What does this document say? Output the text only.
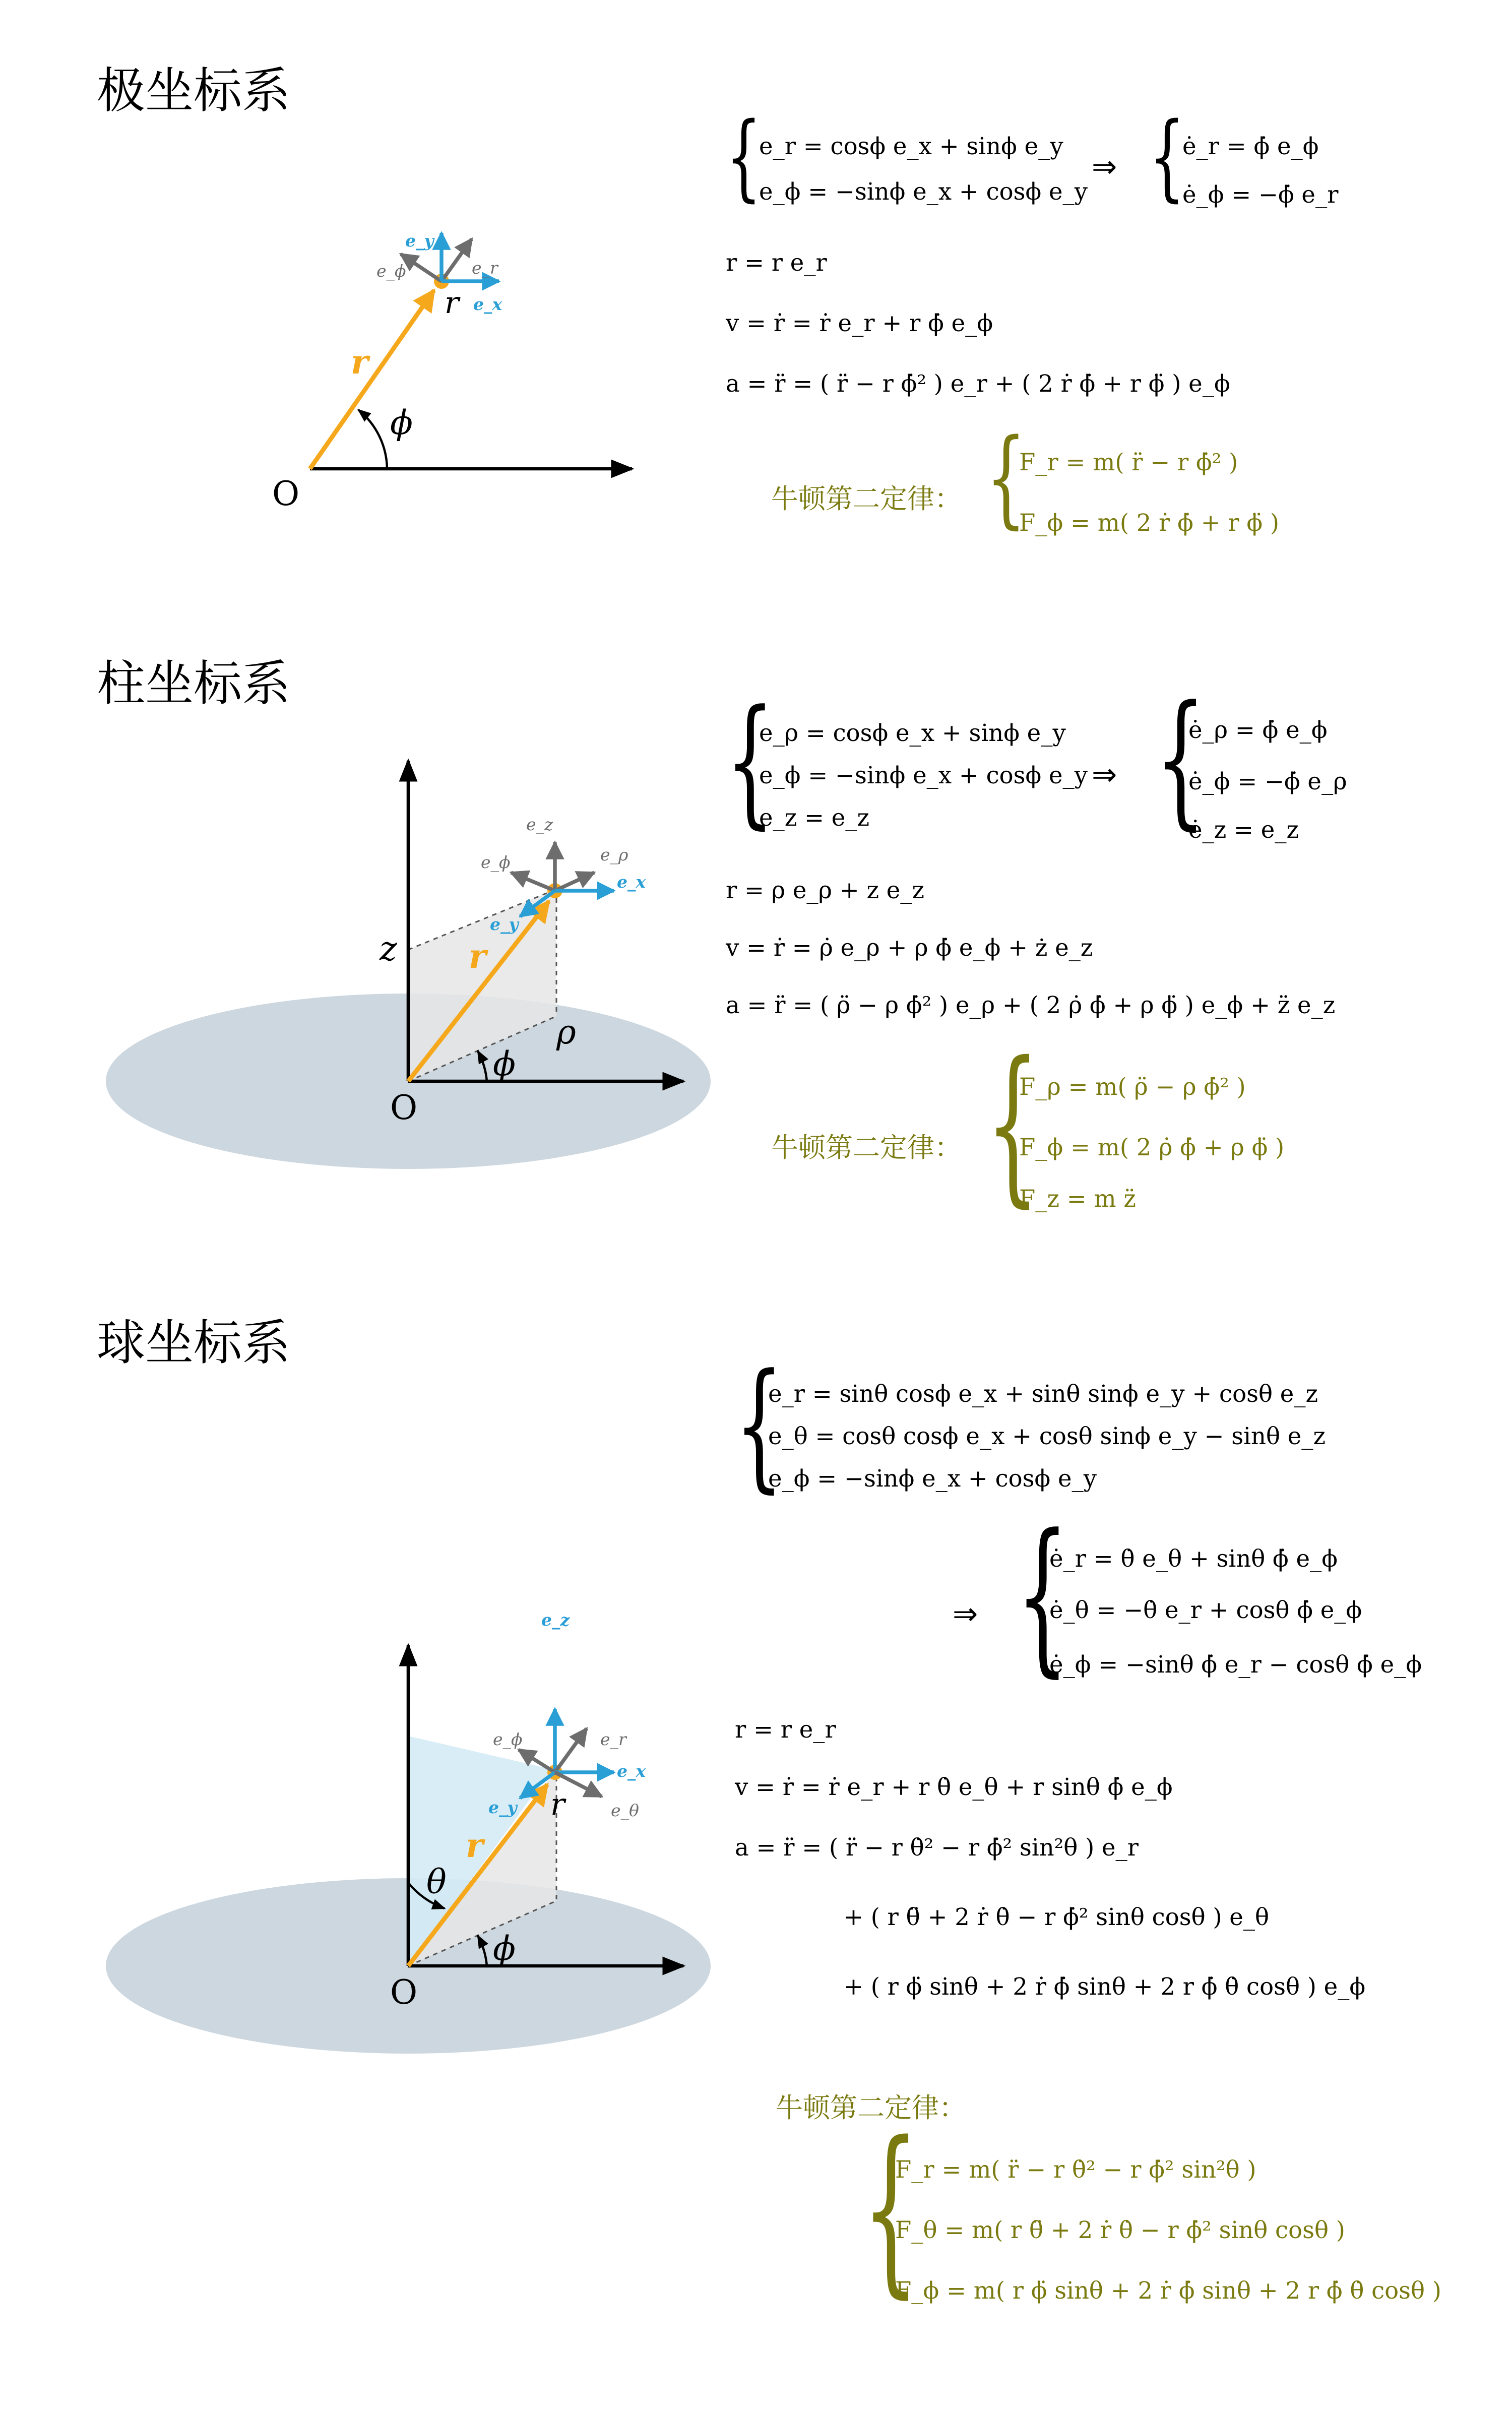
极坐标系
柱坐标系
球坐标系
O
r
ϕ
r
e_y
e_ϕ	e_r
e_x
O
z
ρ
r
ϕ
e_z
e_ϕ	e_ρ
e_x
e_y
O
θ
ϕ
r
r
e_z
e_ϕ	e_r
e_x
e_y	e_θ
{
e_r = cosϕ e_x + sinϕ e_y
e_ϕ = −sinϕ e_x + cosϕ e_y
⇒ {
ė_r = ϕ̇ e_ϕ
ė_ϕ = −ϕ̇ e_r
r = r e_r
v = ṙ = ṙ e_r + r ϕ̇ e_ϕ
a = r̈ = ( r̈ − r ϕ̇² ) e_r + ( 2 ṙ ϕ̇ + r ϕ̈ ) e_ϕ
牛顿第二定律： {
F_r = m( r̈ − r ϕ̇² )
F_ϕ = m( 2 ṙ ϕ̇ + r ϕ̈ )
{
e_ρ = cosϕ e_x + sinϕ e_y
e_ϕ = −sinϕ e_x + cosϕ e_y
e_z = e_z
⇒ {
ė_ρ = ϕ̇ e_ϕ
ė_ϕ = −ϕ̇ e_ρ
ė_z = e_z
r = ρ e_ρ + z e_z
v = ṙ = ρ̇ e_ρ + ρ ϕ̇ e_ϕ + ż e_z
a = r̈ = ( ρ̈ − ρ ϕ̇² ) e_ρ + ( 2 ρ̇ ϕ̇ + ρ ϕ̈ ) e_ϕ + z̈ e_z
牛顿第二定律： {
F_ρ = m( ρ̈ − ρ ϕ̇² )
F_ϕ = m( 2 ρ̇ ϕ̇ + ρ ϕ̈ )
F_z = m z̈
{
e_r = sinθ cosϕ e_x + sinθ sinϕ e_y + cosθ e_z
e_θ = cosθ cosϕ e_x + cosθ sinϕ e_y − sinθ e_z
e_ϕ = −sinϕ e_x + cosϕ e_y
⇒ {
ė_r = θ̇ e_θ + sinθ ϕ̇ e_ϕ
ė_θ = −θ̇ e_r + cosθ ϕ̇ e_ϕ
ė_ϕ = −sinθ ϕ̇ e_r − cosθ ϕ̇ e_ϕ
r = r e_r
v = ṙ = ṙ e_r + r θ̇ e_θ + r sinθ ϕ̇ e_ϕ
a = r̈ = ( r̈ − r θ̇² − r ϕ̇² sin²θ ) e_r
+ ( r θ̈ + 2 ṙ θ̇ − r ϕ̇² sinθ cosθ ) e_θ
+ ( r ϕ̈ sinθ + 2 ṙ ϕ̇ sinθ + 2 r ϕ̇ θ̇ cosθ ) e_ϕ
牛顿第二定律：
{
F_r = m( r̈ − r θ̇² − r ϕ̇² sin²θ )
F_θ = m( r θ̈ + 2 ṙ θ̇ − r ϕ̇² sinθ cosθ )
F_ϕ = m( r ϕ̈ sinθ + 2 ṙ ϕ̇ sinθ + 2 r ϕ̇ θ̇ cosθ )
